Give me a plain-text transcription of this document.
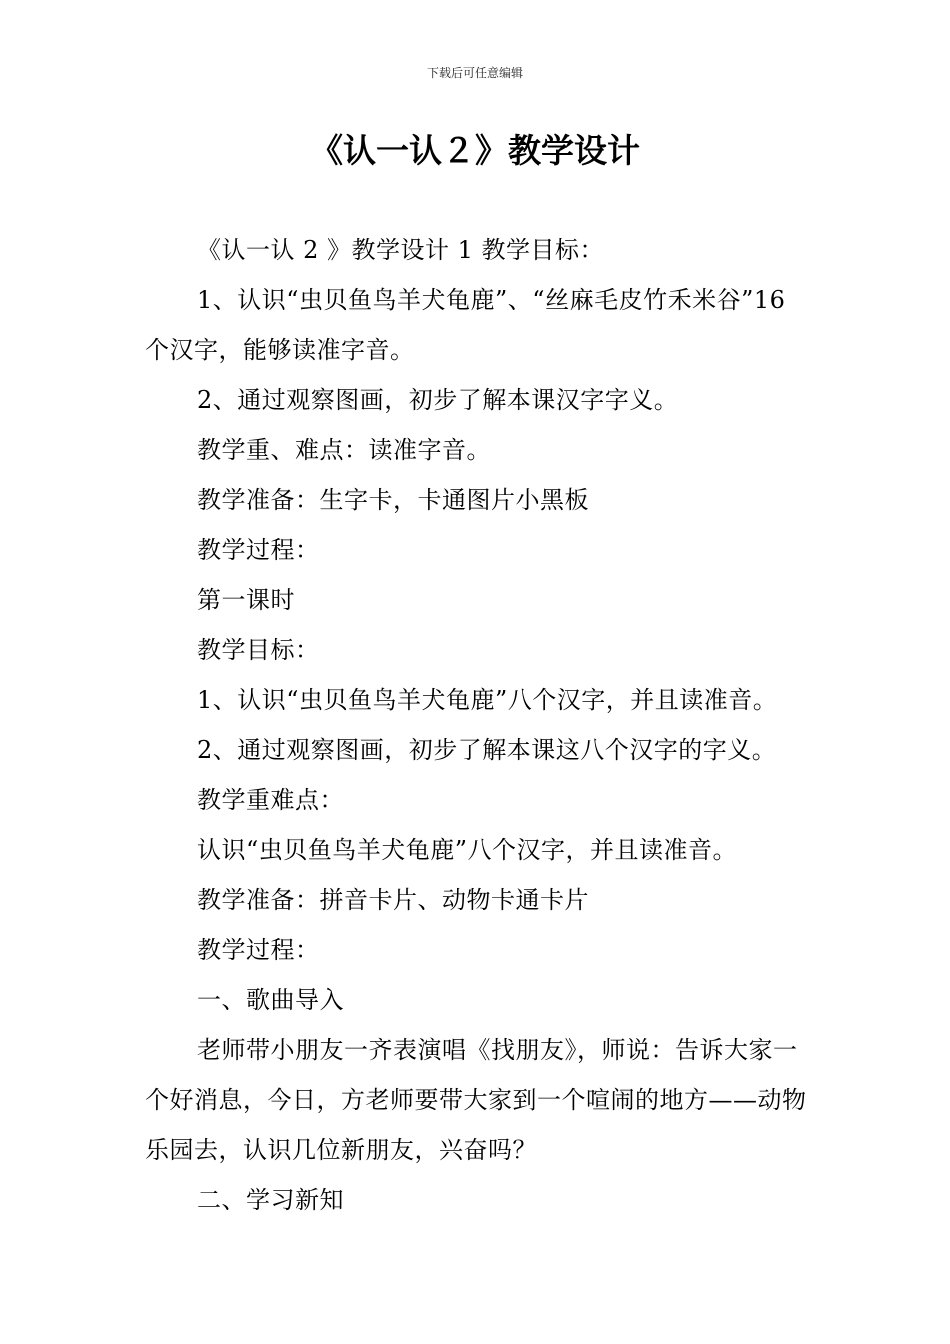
下载后可任意编辑
《认一认２》教学设计

《认一认 2 》教学设计 1 教学目标：

1、认识“虫贝鱼鸟羊犬龟鹿”、“丝麻毛皮竹禾米谷”16 个汉字，能够读准字音。

2、通过观察图画，初步了解本课汉字字义。

教学重、难点：读准字音。

教学准备：生字卡，卡通图片小黑板

教学过程：

第一课时

教学目标：

1、认识“虫贝鱼鸟羊犬龟鹿”八个汉字，并且读准音。

2、通过观察图画，初步了解本课这八个汉字的字义。

教学重难点：

认识“虫贝鱼鸟羊犬龟鹿”八个汉字，并且读准音。

教学准备：拼音卡片、动物卡通卡片

教学过程：

一、歌曲导入

老师带小朋友一齐表演唱《找朋友》，师说：告诉大家一个好消息，今日，方老师要带大家到一个喧闹的地方——动物乐园去，认识几位新朋友，兴奋吗？

二、学习新知
